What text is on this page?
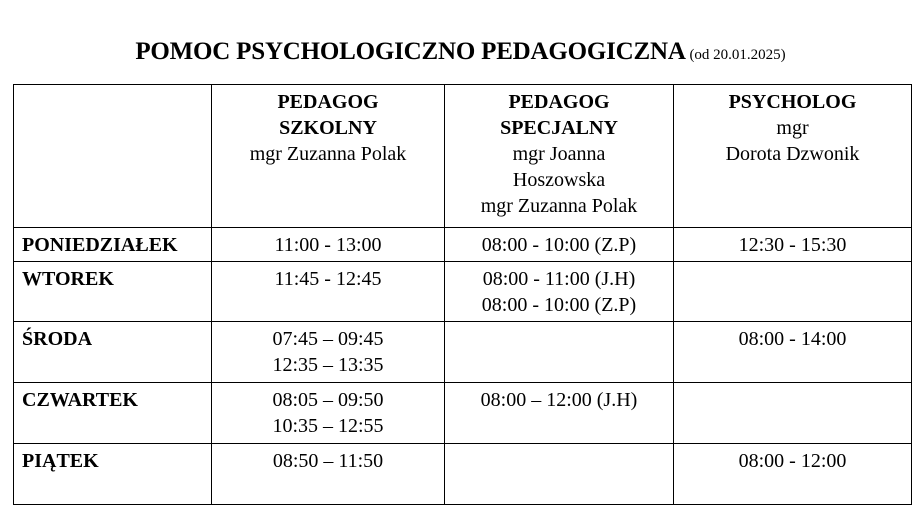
POMOC PSYCHOLOGICZNO PEDAGOGICZNA (od 20.01.2025)

	PEDAGOG
SZKOLNY
mgr Zuzanna Polak	PEDAGOG
SPECJALNY
mgr Joanna
Hoszowska
mgr Zuzanna Polak	PSYCHOLOG
mgr
Dorota Dzwonik

PONIEDZIAŁEK	11:00 - 13:00	08:00 - 10:00 (Z.P)	12:30 - 15:30

WTOREK	11:45 - 12:45	08:00 - 11:00 (J.H)
08:00 - 10:00 (Z.P)	

ŚRODA	07:45 – 09:45
12:35 – 13:35		08:00 - 14:00

CZWARTEK	08:05 – 09:50
10:35 – 12:55	08:00 – 12:00 (J.H)	

PIĄTEK	08:50 – 11:50		08:00 - 12:00
